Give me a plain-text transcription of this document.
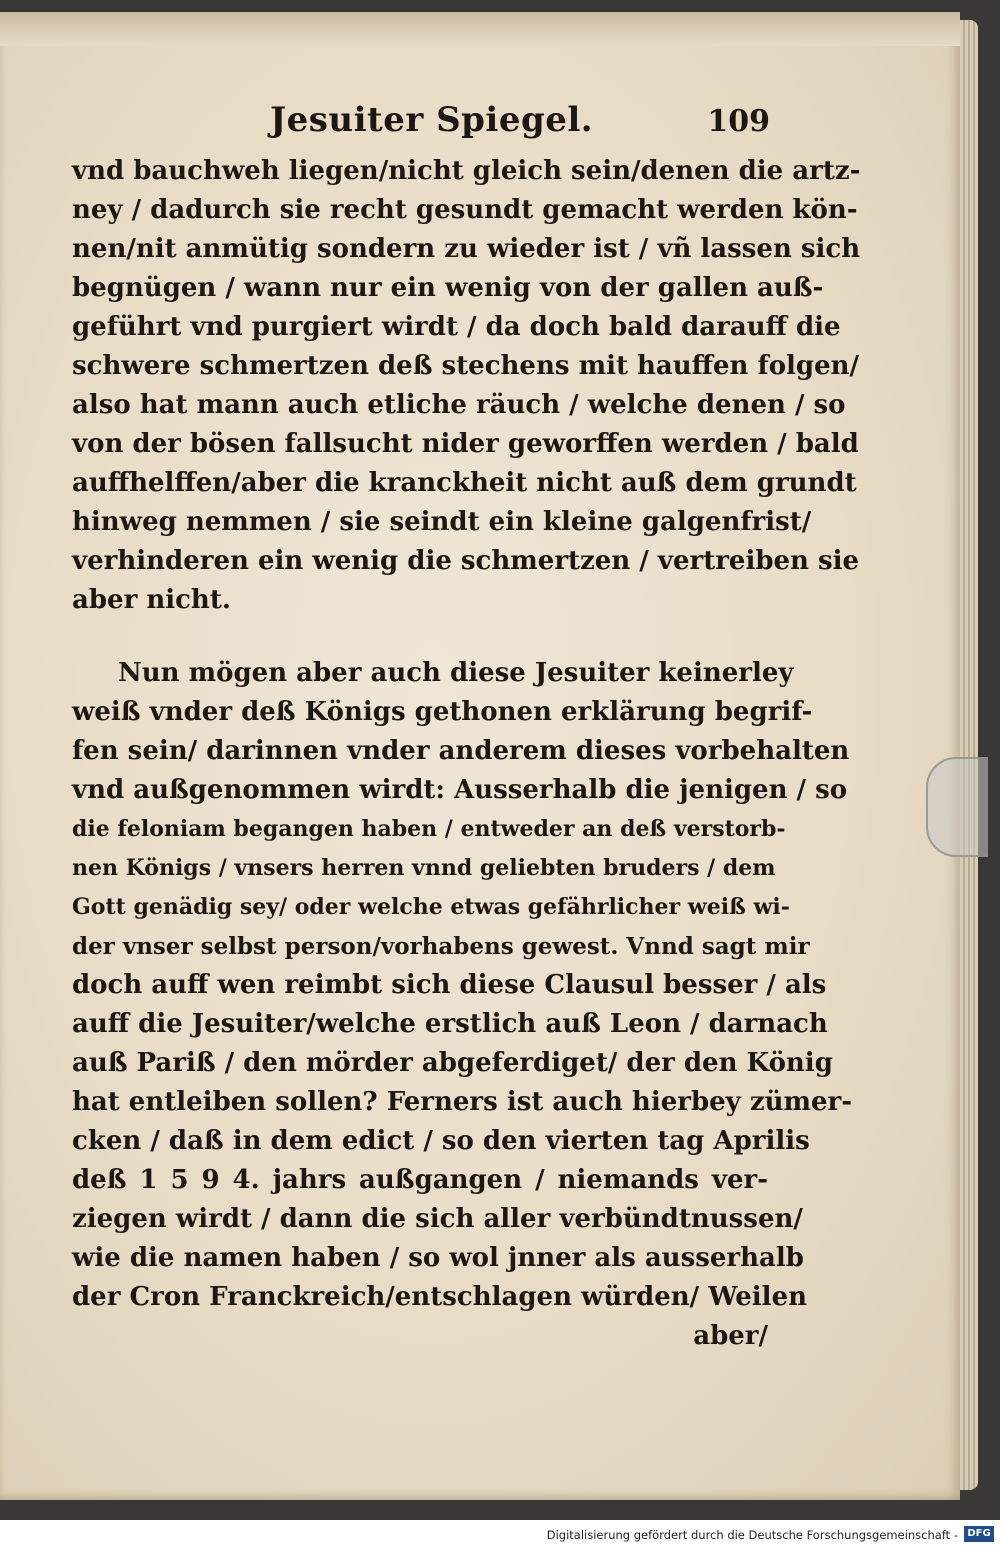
Jesuiter Spiegel.	109
vnd bauchweh liegen/nicht gleich sein/denen die artz-
ney / dadurch sie recht gesundt gemacht werden kön-
nen/nit anmütig sondern zu wieder ist / vñ lassen sich
begnügen / wann nur ein wenig von der gallen auß-
geführt vnd purgiert wirdt / da doch bald darauff die
schwere schmertzen deß stechens mit hauffen folgen/
also hat mann auch etliche räuch / welche denen / so
von der bösen fallsucht nider geworffen werden / bald
auffhelffen/aber die kranckheit nicht auß dem grundt
hinweg nemmen / sie seindt ein kleine galgenfrist/
verhinderen ein wenig die schmertzen / vertreiben sie
aber nicht.
Nun mögen aber auch diese Jesuiter keinerley
weiß vnder deß Königs gethonen erklärung begrif-
fen sein/ darinnen vnder anderem dieses vorbehalten
vnd außgenommen wirdt: Ausserhalb die jenigen / so
die feloniam begangen haben / entweder an deß verstorb-
nen Königs / vnsers herren vnnd geliebten bruders / dem
Gott genädig sey/ oder welche etwas gefährlicher weiß wi-
der vnser selbst person/vorhabens gewest. Vnnd sagt mir
doch auff wen reimbt sich diese Clausul besser / als
auff die Jesuiter/welche erstlich auß Leon / darnach
auß Pariß / den mörder abgeferdiget/ der den König
hat entleiben sollen? Ferners ist auch hierbey zümer-
cken / daß in dem edict / so den vierten tag Aprilis
deß 1 5 9 4. jahrs außgangen / niemands ver-
ziegen wirdt / dann die sich aller verbündtnussen/
wie die namen haben / so wol jnner als ausserhalb
der Cron Franckreich/entschlagen würden/ Weilen
aber/
Digitalisierung gefördert durch die Deutsche Forschungsgemeinschaft - DFG
